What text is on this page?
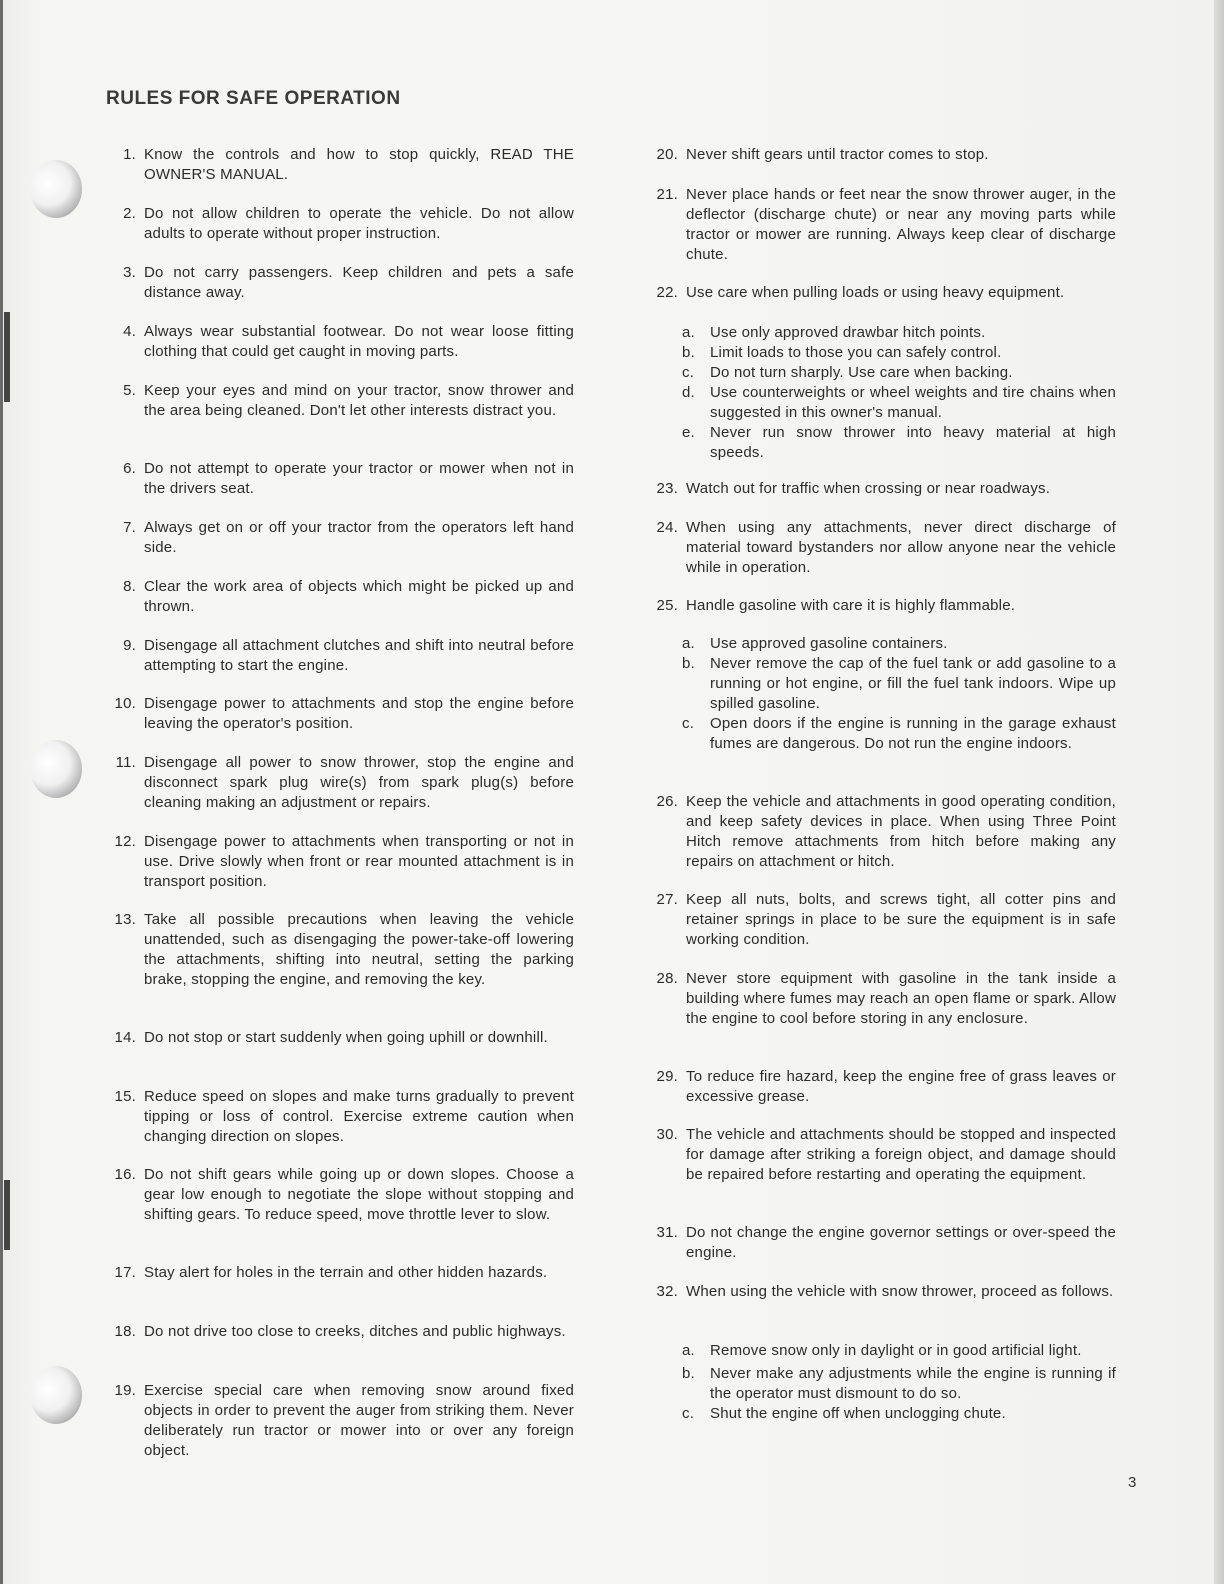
RULES FOR SAFE OPERATION
1. Know the controls and how to stop quickly, READ THE OWNER'S MANUAL.
2. Do not allow children to operate the vehicle. Do not allow adults to operate without proper instruction.
3. Do not carry passengers. Keep children and pets a safe distance away.
4. Always wear substantial footwear. Do not wear loose fitting clothing that could get caught in moving parts.
5. Keep your eyes and mind on your tractor, snow thrower and the area being cleaned. Don't let other interests distract you.
6. Do not attempt to operate your tractor or mower when not in the drivers seat.
7. Always get on or off your tractor from the operators left hand side.
8. Clear the work area of objects which might be picked up and thrown.
9. Disengage all attachment clutches and shift into neutral before attempting to start the engine.
10. Disengage power to attachments and stop the engine before leaving the operator's position.
11. Disengage all power to snow thrower, stop the engine and disconnect spark plug wire(s) from spark plug(s) before cleaning making an adjustment or repairs.
12. Disengage power to attachments when transporting or not in use. Drive slowly when front or rear mounted attachment is in transport position.
13. Take all possible precautions when leaving the vehicle unattended, such as disengaging the power-take-off lowering the attachments, shifting into neutral, setting the parking brake, stopping the engine, and removing the key.
14. Do not stop or start suddenly when going uphill or downhill.
15. Reduce speed on slopes and make turns gradually to prevent tipping or loss of control. Exercise extreme caution when changing direction on slopes.
16. Do not shift gears while going up or down slopes. Choose a gear low enough to negotiate the slope without stopping and shifting gears. To reduce speed, move throttle lever to slow.
17. Stay alert for holes in the terrain and other hidden hazards.
18. Do not drive too close to creeks, ditches and public highways.
19. Exercise special care when removing snow around fixed objects in order to prevent the auger from striking them. Never deliberately run tractor or mower into or over any foreign object.
20. Never shift gears until tractor comes to stop.
21. Never place hands or feet near the snow thrower auger, in the deflector (discharge chute) or near any moving parts while tractor or mower are running. Always keep clear of discharge chute.
22. Use care when pulling loads or using heavy equipment.
a.	Use only approved drawbar hitch points.
b.	Limit loads to those you can safely control.
c.	Do not turn sharply. Use care when backing.
d.	Use counterweights or wheel weights and tire chains when suggested in this owner's manual.
e.	Never run snow thrower into heavy material at high speeds.
23. Watch out for traffic when crossing or near roadways.
24. When using any attachments, never direct discharge of material toward bystanders nor allow anyone near the vehicle while in operation.
25. Handle gasoline with care it is highly flammable.
a.	Use approved gasoline containers.
b.	Never remove the cap of the fuel tank or add gasoline to a running or hot engine, or fill the fuel tank indoors. Wipe up spilled gasoline.
c.	Open doors if the engine is running in the garage exhaust fumes are dangerous. Do not run the engine indoors.
26. Keep the vehicle and attachments in good operating condition, and keep safety devices in place. When using Three Point Hitch remove attachments from hitch before making any repairs on attachment or hitch.
27. Keep all nuts, bolts, and screws tight, all cotter pins and retainer springs in place to be sure the equipment is in safe working condition.
28. Never store equipment with gasoline in the tank inside a building where fumes may reach an open flame or spark. Allow the engine to cool before storing in any enclosure.
29. To reduce fire hazard, keep the engine free of grass leaves or excessive grease.
30. The vehicle and attachments should be stopped and inspected for damage after striking a foreign object, and damage should be repaired before restarting and operating the equipment.
31. Do not change the engine governor settings or over-speed the engine.
32. When using the vehicle with snow thrower, proceed as follows.
a.	Remove snow only in daylight or in good artificial light.
b.	Never make any adjustments while the engine is running if the operator must dismount to do so.
c.	Shut the engine off when unclogging chute.
3
